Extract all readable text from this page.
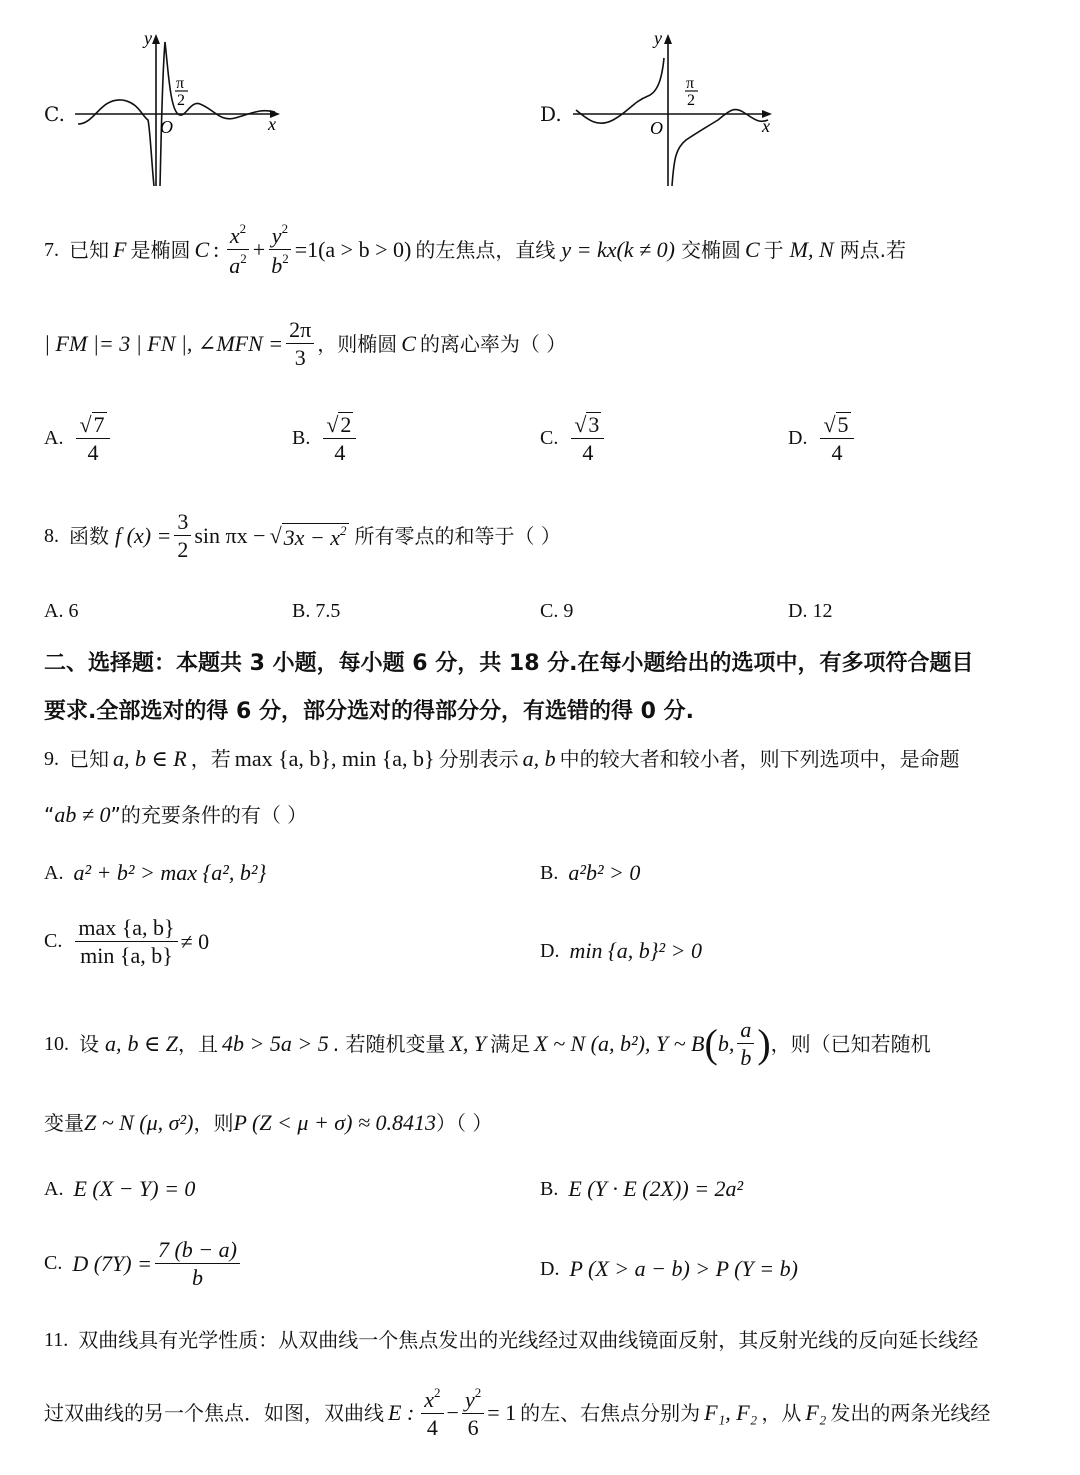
C.
y
x
O
π
2
D.
y
x
O
π
2
7. 已知 F 是椭圆 C : $\frac{x^2}{a^2} + \frac{y^2}{b^2} =1(a > b > 0)$ 的左焦点，直线 y = kx(k ≠ 0) 交椭圆 C 于 M, N 两点.若
| FM |= 3 | FN |, ∠MFN = $\frac{2\pi}{3}$ ，则椭圆 C 的离心率为（ ）
A. $\frac{√7}{4}$	B. $\frac{√2}{4}$	C. $\frac{√3}{4}$	D. $\frac{√5}{4}$
8. 函数 f $(x) = \frac{3}{2}$ sin πx − √ $3x - x^2$ 所有零点的和等于（ ）
A. 6	B. 7.5	C. 9	D. 12
二、选择题：本题共 3 小题，每小题 6 分，共 18 分.在每小题给出的选项中，有多项符合题目
要求.全部选对的得 6 分，部分选对的得部分分，有选错的得 0 分.
9. 已知 a, b ∈ R ，若 max {a, b}, min {a, b} 分别表示 a, b 中的较大者和较小者，则下列选项中，是命题
“ ab ≠ 0 ”的充要条件的有（ ）
A. a² + b² > max {a², b²}	B. a²b² > 0
C. $\frac{\max \{a, b\}}{\min \{a, b\}} \ne 0$	D. min {a, b}² > 0
10. 设 a, b ∈ Z ，且 4b > 5a > 5 . 若随机变量 X, Y 满足 X ~ N (a, b²), Y ~ B ( b, $\frac{a}{b}$ ) ，则（已知若随机
变量 Z ~ N (μ, σ²) ，则 P (Z < μ + σ) ≈ 0.8413 ）（ ）
A. E (X − Y) = 0	B. E (Y · E (2X)) = 2a²
C. D $(7Y) = \frac{7 (b - a)}{b}$	D. P (X > a − b) > P (Y = b)
11. 双曲线具有光学性质：从双曲线一个焦点发出的光线经过双曲线镜面反射，其反射光线的反向延长线经
过双曲线的另一个焦点．如图，双曲线 E : $\frac{x^2}{4} - \frac{y^2}{6} = 1$ 的左、右焦点分别为 F₁, F₂ ，从 F₂ 发出的两条光线经
